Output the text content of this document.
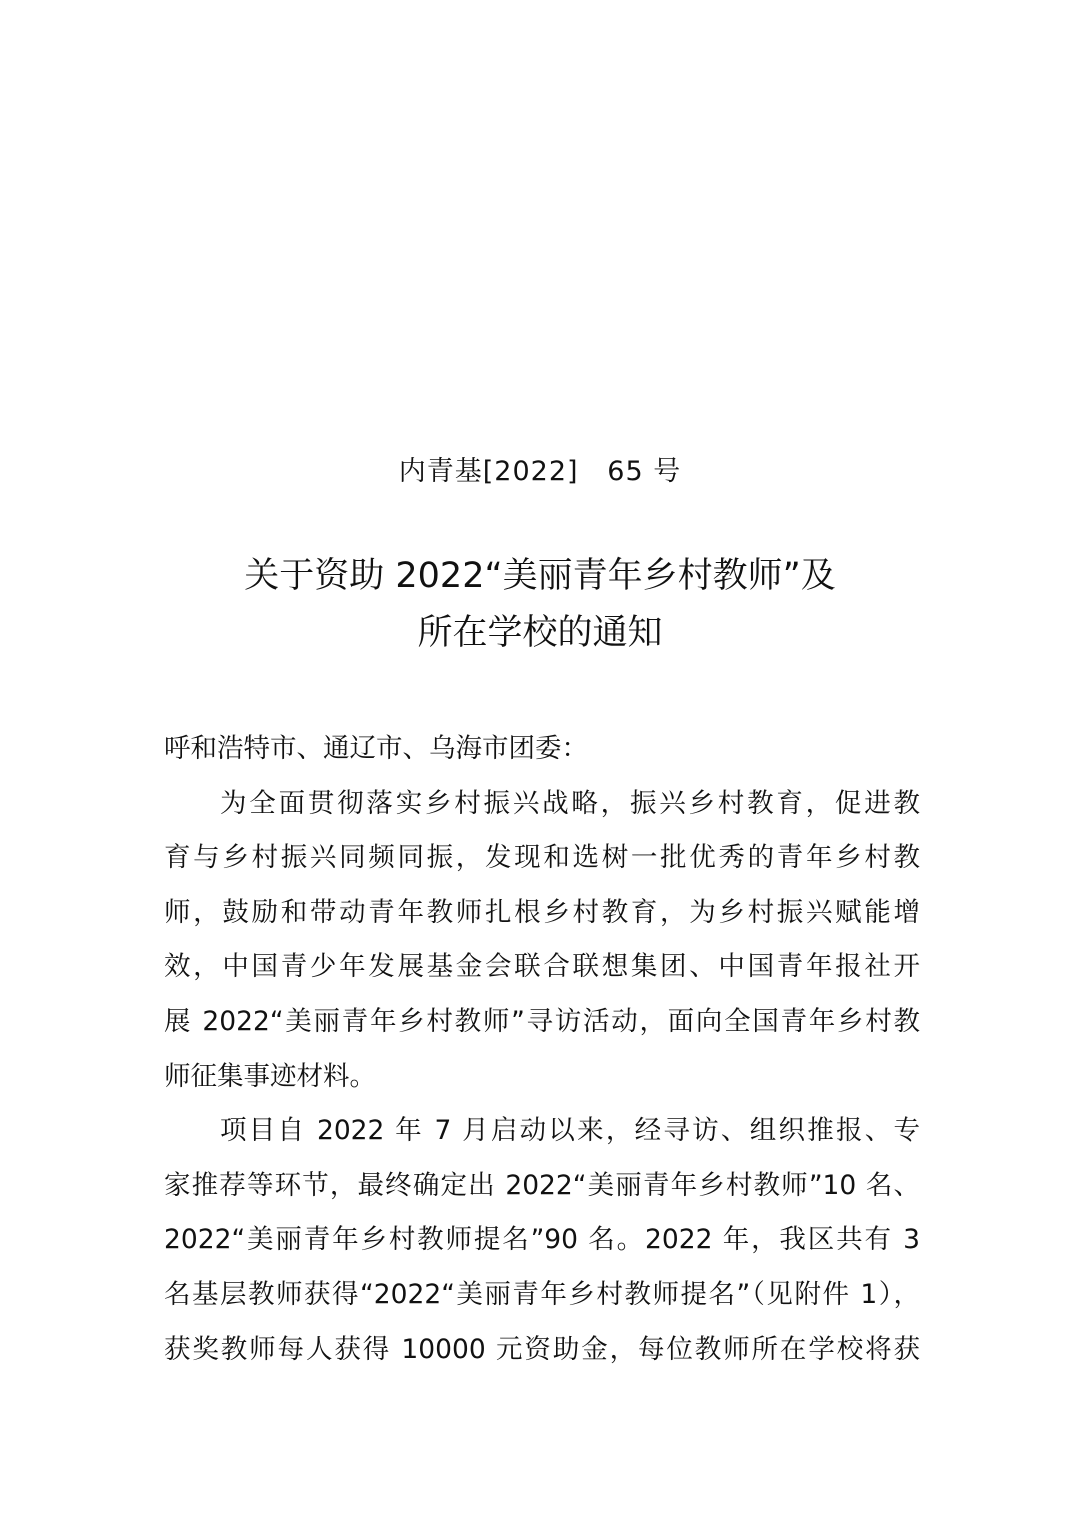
内青基[2022]   65 号
关于资助 2022“美丽青年乡村教师”及
所在学校的通知

呼和浩特市、通辽市、乌海市团委：

为全面贯彻落实乡村振兴战略，振兴乡村教育，促进教
育与乡村振兴同频同振，发现和选树一批优秀的青年乡村教
师，鼓励和带动青年教师扎根乡村教育，为乡村振兴赋能增
效，中国青少年发展基金会联合联想集团、中国青年报社开
展 2022“美丽青年乡村教师”寻访活动，面向全国青年乡村教
师征集事迹材料。

项目自 2022 年 7 月启动以来，经寻访、组织推报、专
家推荐等环节，最终确定出 2022“美丽青年乡村教师”10 名、
2022“美丽青年乡村教师提名”90 名。2022 年，我区共有 3
名基层教师获得“2022“美丽青年乡村教师提名”（见附件 1），
获奖教师每人获得 10000 元资助金，每位教师所在学校将获
